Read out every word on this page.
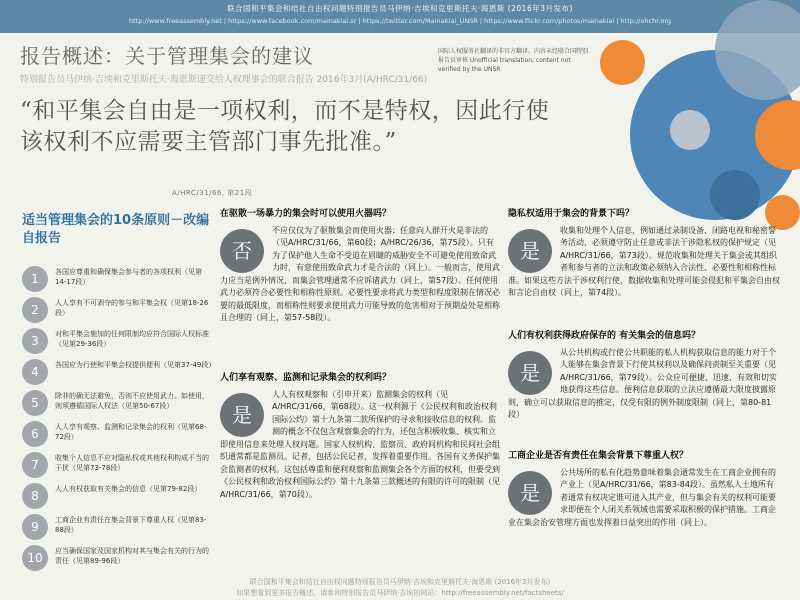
联合国和平集会和结社自由权问题特别报告员马伊纳·吉埃和克里斯托夫·海恩斯 (2016年3月发布)
http://www.freeassembly.net | https://www.facebook.com/mainakiai.sr | https://twitter.com/MainaKiai_UNSR | https://www.flickr.com/photos/mainakiai | http://ohchr.org
报告概述：关于管理集会的建议
特别报告员马伊纳·吉埃和克里斯托夫·海恩斯递交给人权理事会的联合报告 2016年3月(A/HRC/31/66)
国际人权服务社翻译的非官方翻译。内容未经联合国特别报告员审核 Unofficial translation; content not verified by the UNSR
“和平集会自由是一项权利，而不是特权，因此行使该权利不应需要主管部门事先批准。”
A/HRC/31/66, 第21段
适当管理集会的10条原则－改编自报告
1	各国应尊重和确保集会参与者的各项权利（见第14-17段）
2	人人享有不可剥夺的参与和平集会权（见第18-26段）
3	对和平集会施加的任何限制均应符合国际人权标准（见第29-36段）
4	各国应为行使和平集会权提供便利（见第37-49段）
5	除非的确无法避免，否则不应使用武力。如使用，则须遵循国际人权法（见第50-67段）
6	人人享有观察、监测和记录集会的权利（见第68-72段）
7	收集个人信息不应对隐私权或其他权利构成不当的干扰（见第73-78段）
8	人人有权获取有关集会的信息（见第79-82段）
9	工商企业有责任在集会背景下尊重人权（见第83-88段）
10	应当确保国家及国家机构对其与集会有关的行为的责任（见第89-96段）
在驱散一场暴力的集会时可以使用火器吗？
否
不应仅仅为了驱散集会而使用火器；任意向人群开火是非法的（见A/HRC/31/66，第60段；A/HRC/26/36，第75段）。只有为了保护他人生命不受迫在眉睫的威胁安全不可避免使用致命武力时，有意使用致命武力才是合法的（同上）。一般而言，使用武力应当是例外情况，而集会管理通常不应诉诸武力（同上，第57段）。任何使用武力必须符合必要性和相称性原则。必要性要求将武力类型和程度限制在情况必要的最低限度，而相称性则要求使用武力可能导致的危害相对于预期益处是相称且合理的（同上，第57-58段）。
人们享有观察、监测和记录集会的权利吗？
是
人人有权观察和（引申开来）监测集会的权利（见A/HRC/31/66，第68段）。这一权利源于《公民权利和政治权利国际公约》第十九条第二款所保护的寻求和接收信息的权利。监测的概念不仅包含观察集会的行为，还包含积极收集、核实和立即使用信息来处理人权问题。国家人权机构、监察员、政府间机构和民间社会组织通常都是监测员。记者，包括公民记者，发挥着重要作用。各国有义务保护集会监测者的权利。这包括尊重和便利观察和监测集会各个方面的权利，但要受到《公民权利和政治权利国际公约》第十九条第三款概述的有限的许可的限制（见A/HRC/31/66，第70段）。
隐私权适用于集会的背景下吗？
是
收集和处理个人信息，例如通过录制设备、闭路电视和秘密警务活动，必须遵守防止任意或非法干涉隐私权的保护规定（见A/HRC/31/66，第73段）。规范收集和处理关于集会或其组织者和参与者的立法和政策必须纳入合法性、必要性和相称性标准。如果这些方法干涉权利行使，数据收集和处理可能会侵犯和平集会自由权和言论自由权（同上，第74段）。
人们有权利获得政府保存的 有关集会的信息吗？
是
从公共机构或行使公共职能的私人机构获取信息的能力对于个人能够在集会背景下行使其权利以及确保问责制至关重要（见A/HRC/31/66，第79段）。公众应可便捷、迅速、有效和切实地获得这些信息。便利信息获取的立法应遵循最大限度披露原则，确立可以获取信息的推定，仅受有限的例外制度限制（同上，第80-81段）
工商企业是否有责任在集会背景下尊重人权？
是
公共场所的私有化趋势意味着集会通常发生在工商企业拥有的产业上（见A/HRC/31/66，第83-84段）。虽然私人土地所有者通常有权决定谁可进入其产业，但与集会有关的权利可能要求即便在个人闭关系领域也需要采取积极的保护措施。工商企业在集会治安管理方面也发挥着日益突出的作用（同上）。
联合国和平集会和结社自由权问题特别报告员马伊纳·吉埃和克里斯托夫·海恩斯 (2016年3月发布)
如果想看到更多报告概述，请参阅特别报告员马伊纳·吉埃的网站：http://freeassembly.net/factsheets/
